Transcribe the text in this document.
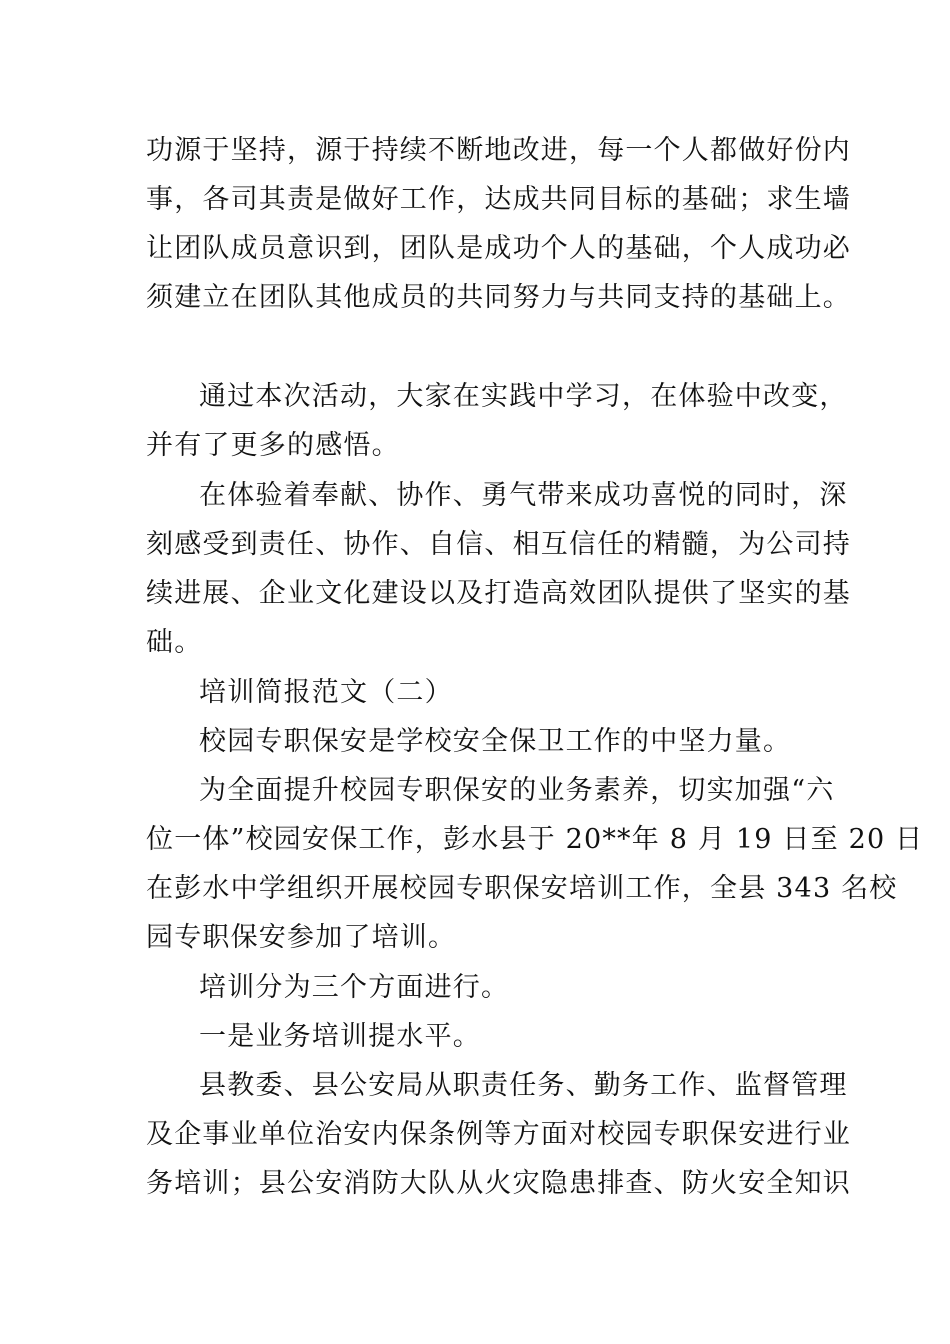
功源于坚持，源于持续不断地改进，每一个人都做好份内
事，各司其责是做好工作，达成共同目标的基础；求生墙
让团队成员意识到，团队是成功个人的基础，个人成功必
须建立在团队其他成员的共同努力与共同支持的基础上。
通过本次活动，大家在实践中学习，在体验中改变，
并有了更多的感悟。
在体验着奉献、协作、勇气带来成功喜悦的同时，深
刻感受到责任、协作、自信、相互信任的精髓，为公司持
续进展、企业文化建设以及打造高效团队提供了坚实的基
础。
培训简报范文（二）
校园专职保安是学校安全保卫工作的中坚力量。
为全面提升校园专职保安的业务素养，切实加强“六
位一体”校园安保工作，彭水县于 20**年 8 月 19 日至 20 日
在彭水中学组织开展校园专职保安培训工作，全县 343 名校
园专职保安参加了培训。
培训分为三个方面进行。
一是业务培训提水平。
县教委、县公安局从职责任务、勤务工作、监督管理
及企事业单位治安内保条例等方面对校园专职保安进行业
务培训；县公安消防大队从火灾隐患排查、防火安全知识
